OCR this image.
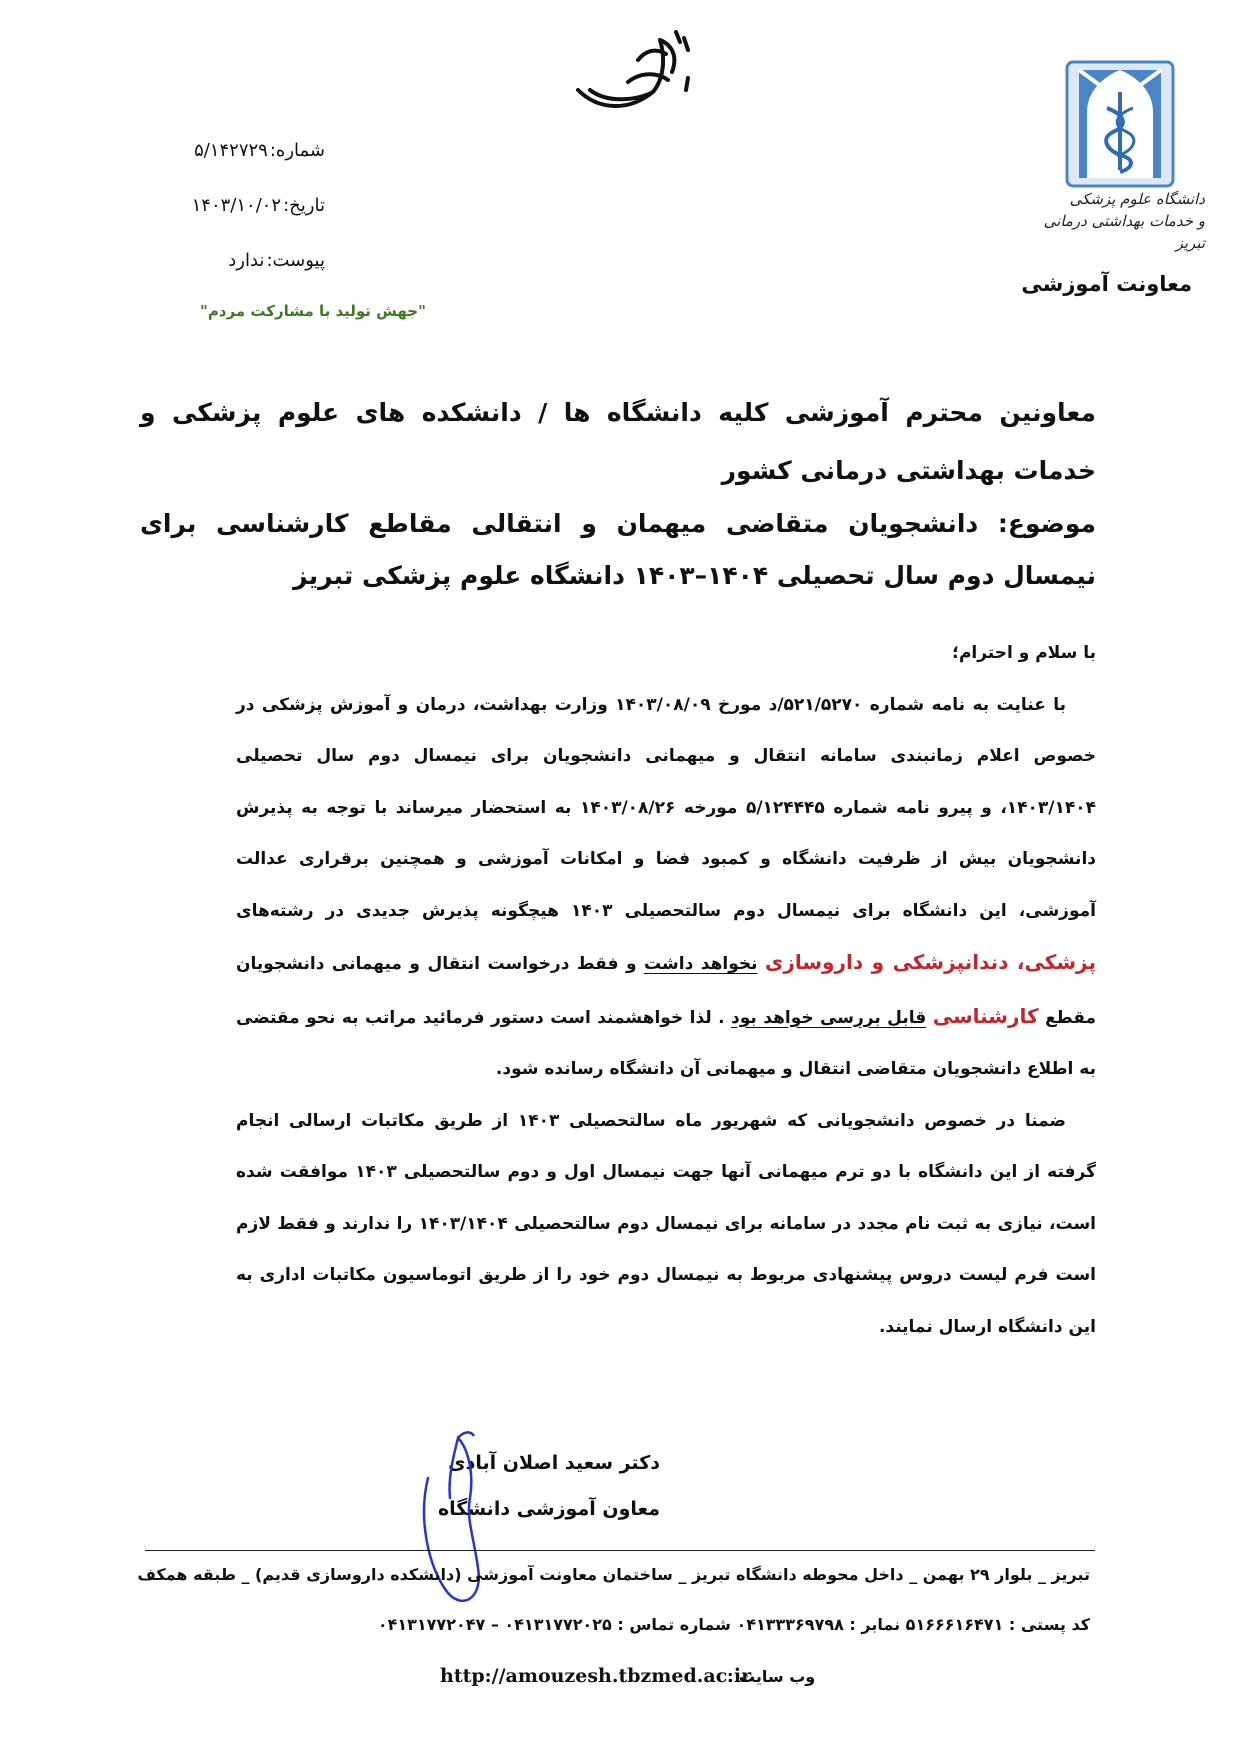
دانشگاه علوم پزشکی
و خدمات بهداشتی درمانی تبریز
معاونت آموزشی
شماره:
۵/۱۴۲۷۲۹
تاریخ:
۱۴۰۳/۱۰/۰۲
پیوست:
ندارد
"جهش تولید با مشارکت مردم"
معاونین محترم آموزشی کلیه دانشگاه ها / دانشکده های علوم پزشکی و خدمات بهداشتی درمانی کشور
موضوع: دانشجویان متقاضی میهمان و انتقالی مقاطع کارشناسی برای نیمسال دوم سال تحصیلی ۱۴۰۴–۱۴۰۳ دانشگاه علوم پزشکی تبریز

با سلام و احترام؛

با عنایت به نامه شماره ۵۲۱/۵۲۷۰/د مورخ ۱۴۰۳/۰۸/۰۹ وزارت بهداشت، درمان و آموزش پزشکی در خصوص اعلام زمانبندی سامانه انتقال و میهمانی دانشجویان برای نیمسال دوم سال تحصیلی ۱۴۰۳/۱۴۰۴، و پیرو نامه شماره ۵/۱۲۴۴۴۵ مورخه ۱۴۰۳/۰۸/۲۶ به استحضار میرساند با توجه به پذیرش دانشجویان بیش از ظرفیت دانشگاه و کمبود فضا و امکانات آموزشی و همچنین برقراری عدالت آموزشی، این دانشگاه برای نیمسال دوم سالتحصیلی ۱۴۰۳ هیچگونه پذیرش جدیدی در رشته‌های پزشکی، دندانپزشکی و داروسازی نخواهد داشت و فقط درخواست انتقال و میهمانی دانشجویان مقطع کارشناسی قابل بررسی خواهد بود . لذا خواهشمند است دستور فرمائید مراتب به نحو مقتضی به اطلاع دانشجویان متقاضی انتقال و میهمانی آن دانشگاه رسانده شود.

ضمنا در خصوص دانشجویانی که شهریور ماه سالتحصیلی ۱۴۰۳ از طریق مکاتبات ارسالی انجام گرفته از این دانشگاه با دو ترم میهمانی آنها جهت نیمسال اول و دوم سالتحصیلی ۱۴۰۳ موافقت شده است، نیازی به ثبت نام مجدد در سامانه برای نیمسال دوم سالتحصیلی ۱۴۰۳/۱۴۰۴ را ندارند و فقط لازم است فرم لیست دروس پیشنهادی مربوط به نیمسال دوم خود را از طریق اتوماسیون مکاتبات اداری به این دانشگاه ارسال نمایند.

دکتر سعید اصلان آبادی
معاون آموزشی دانشگاه
تبریز _ بلوار ۲۹ بهمن _ داخل محوطه دانشگاه تبریز _ ساختمان معاونت آموزشی (دانشکده داروسازی قدیم) _ طبقه همکف
کد پستی : ۵۱۶۶۶۱۶۴۷۱ نمابر : ۰۴۱۳۳۳۶۹۷۹۸ شماره تماس : ۰۴۱۳۱۷۷۲۰۲۵ – ۰۴۱۳۱۷۷۲۰۴۷
وب سایت :
http://amouzesh.tbzmed.ac.ir
